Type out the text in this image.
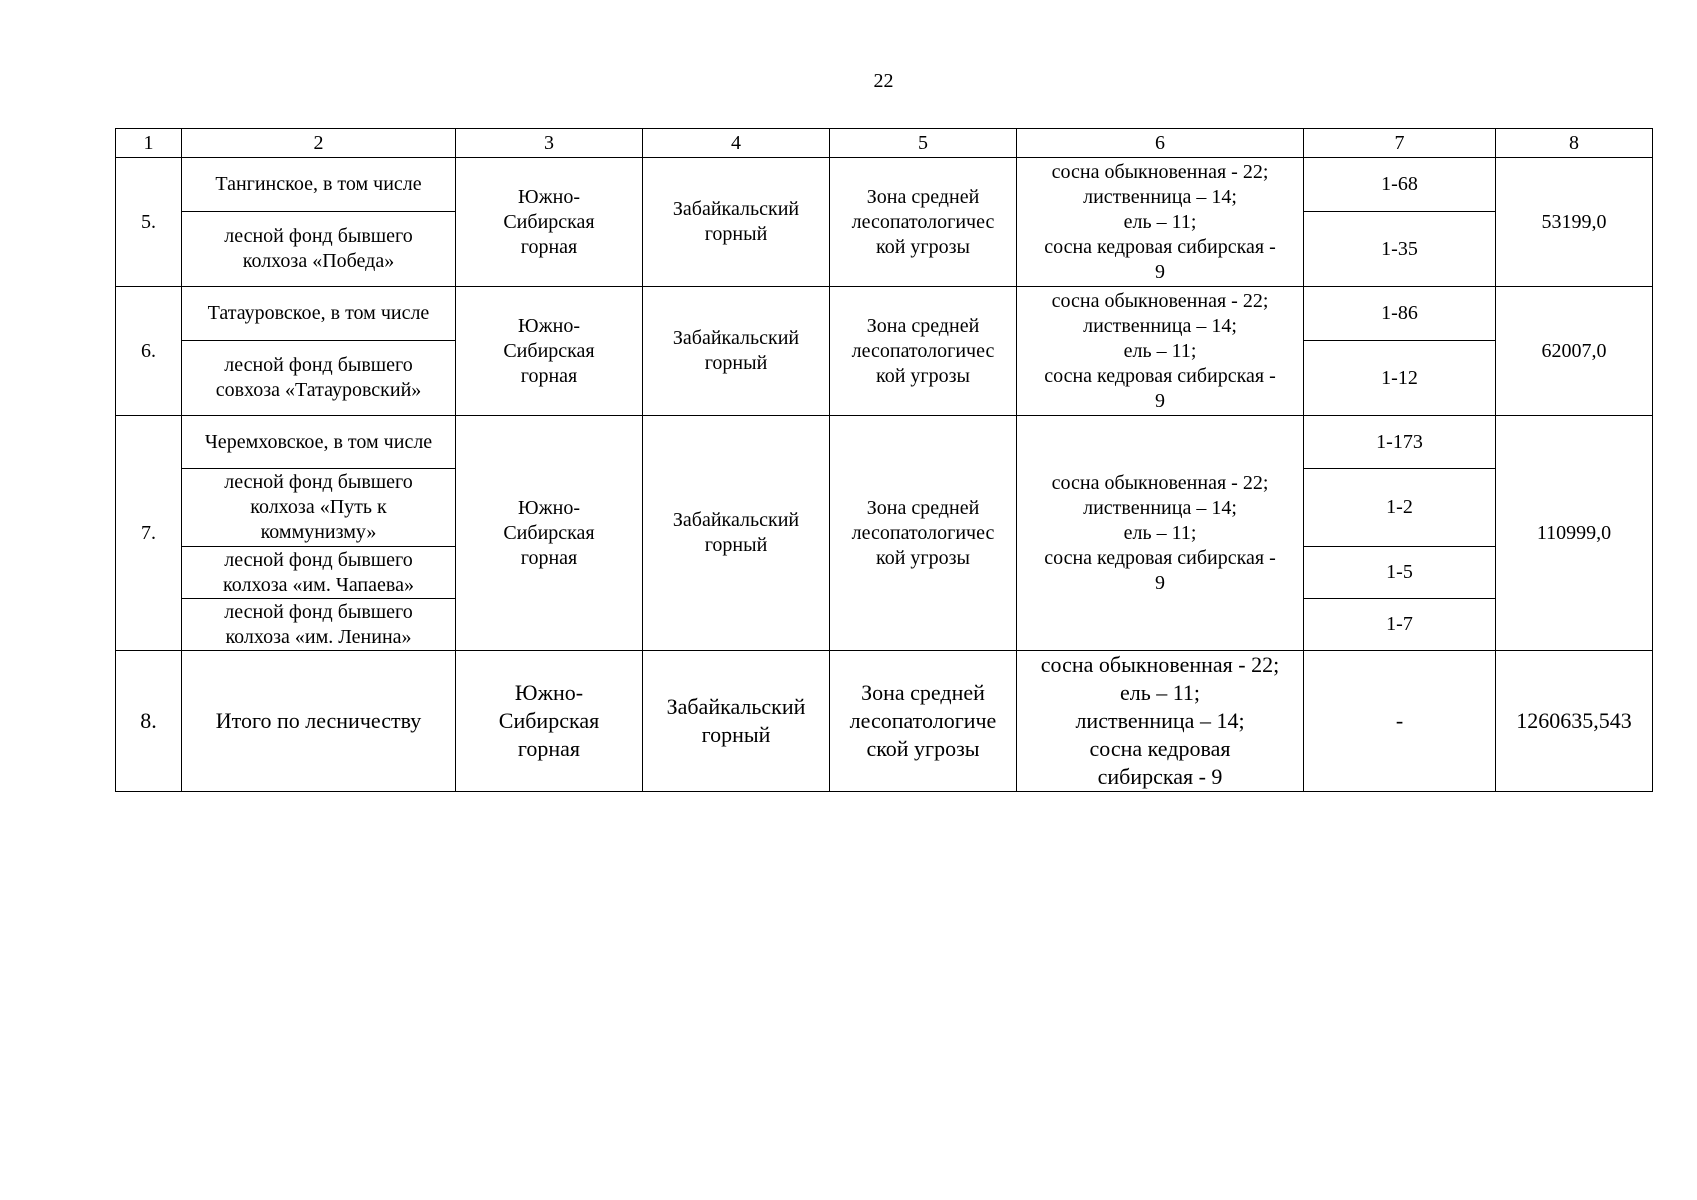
22
1	2	3	4	5	6	7	8
5.	Тангинское, в том числе	Южно-
Сибирская
горная	Забайкальский
горный	Зона средней
лесопатологичес
кой угрозы	сосна обыкновенная - 22;
лиственница – 14;
ель – 11;
сосна кедровая сибирская -
9	1-68	53199,0
	лесной фонд бывшего колхоза «Победа»					1-35	
6.	Татауровское, в том числе	Южно-
Сибирская
горная	Забайкальский
горный	Зона средней
лесопатологичес
кой угрозы	сосна обыкновенная - 22;
лиственница – 14;
ель – 11;
сосна кедровая сибирская -
9	1-86	62007,0
	лесной фонд бывшего совхоза «Татауровский»					1-12	
7.	Черемховское, в том числе	Южно-
Сибирская
горная	Забайкальский
горный	Зона средней
лесопатологичес
кой угрозы	сосна обыкновенная - 22;
лиственница – 14;
ель – 11;
сосна кедровая сибирская -
9	1-173	110999,0
	лесной фонд бывшего колхоза «Путь к коммунизму»					1-2	
	лесной фонд бывшего колхоза «им. Чапаева»					1-5	
	лесной фонд бывшего колхоза «им. Ленина»					1-7	
8.	Итого по лесничеству	Южно-
Сибирская
горная	Забайкальский
горный	Зона средней
лесопатологиче
ской угрозы	сосна обыкновенная - 22;
ель – 11;
лиственница – 14;
сосна кедровая
сибирская - 9	-	1260635,543
